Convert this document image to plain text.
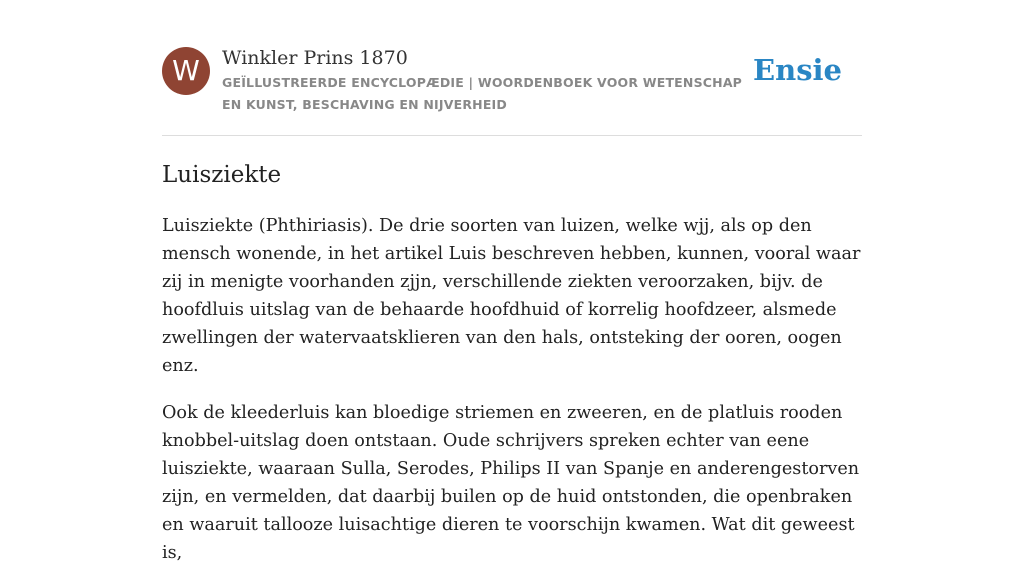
W	Winkler Prins 1870
GEÏLLUSTREERDE ENCYCLOPÆDIE | WOORDENBOEK VOOR WETENSCHAP EN KUNST, BESCHAVING EN NIJVERHEID
Ensie
Luisziekte

Luisziekte (Phthiriasis). De drie soorten van luizen, welke wjj, als op den mensch wonende, in het artikel Luis beschreven hebben, kunnen, vooral waar zij in menigte voorhanden zjjn, verschillende ziekten veroorzaken, bijv. de hoofdluis uitslag van de behaarde hoofdhuid of korrelig hoofdzeer, alsmede zwellingen der watervaatsklieren van den hals, ontsteking der ooren, oogen enz.

Ook de kleederluis kan bloedige striemen en zweeren, en de platluis rooden knobbel-uitslag doen ontstaan. Oude schrijvers spreken echter van eene luisziekte, waaraan Sulla, Serodes, Philips II van Spanje en anderengestorven zijn, en vermelden, dat daarbij builen op de huid ontstonden, die openbraken en waaruit tallooze luisachtige dieren te voorschijn kwamen. Wat dit geweest is,
